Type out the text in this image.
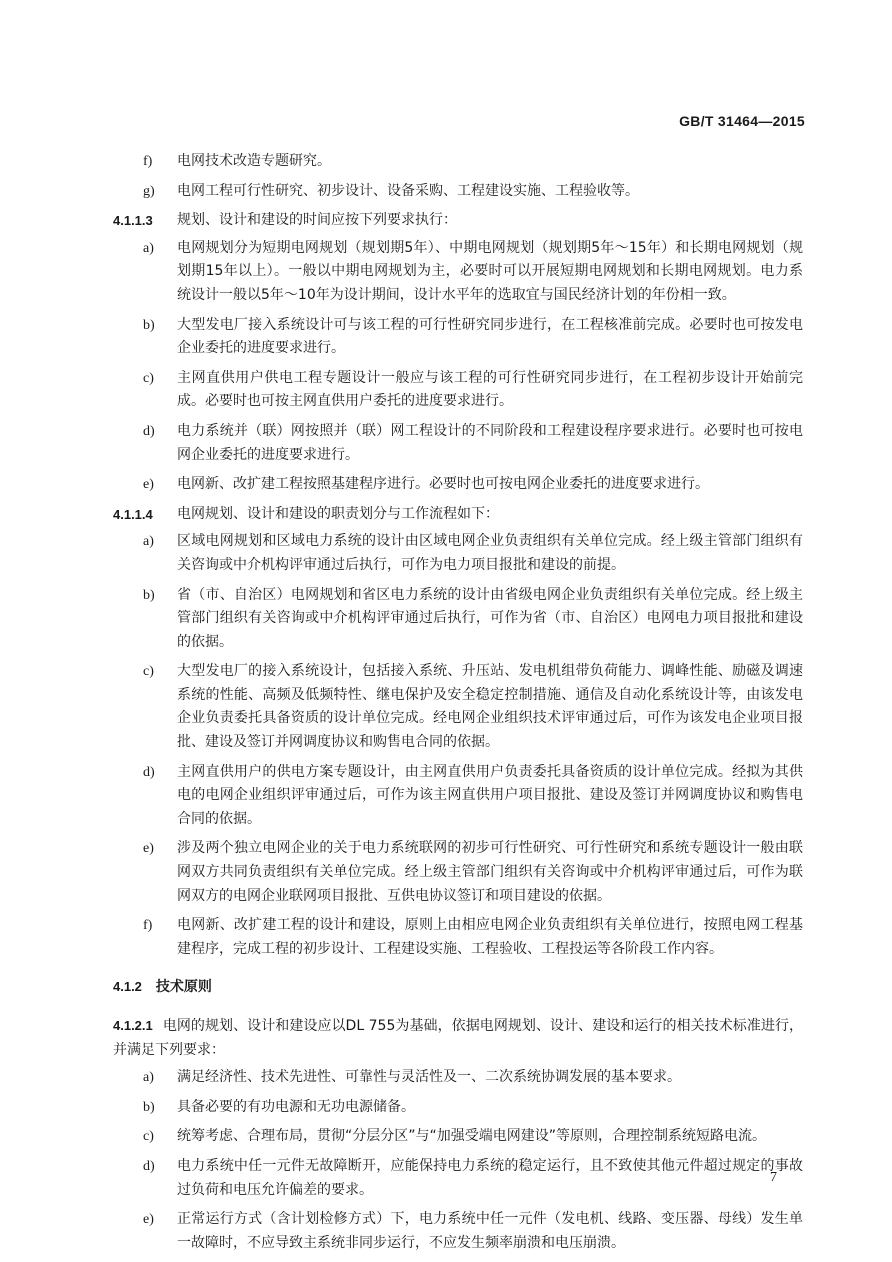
GB/T 31464—2015
f) 电网技术改造专题研究。
g) 电网工程可行性研究、初步设计、设备采购、工程建设实施、工程验收等。
4.1.1.3 规划、设计和建设的时间应按下列要求执行：
a) 电网规划分为短期电网规划（规划期5年）、中期电网规划（规划期5年～15年）和长期电网规划（规划期15年以上）。一般以中期电网规划为主，必要时可以开展短期电网规划和长期电网规划。电力系统设计一般以5年～10年为设计期间，设计水平年的选取宜与国民经济计划的年份相一致。
b) 大型发电厂接入系统设计可与该工程的可行性研究同步进行，在工程核准前完成。必要时也可按发电企业委托的进度要求进行。
c) 主网直供用户供电工程专题设计一般应与该工程的可行性研究同步进行，在工程初步设计开始前完成。必要时也可按主网直供用户委托的进度要求进行。
d) 电力系统并（联）网按照并（联）网工程设计的不同阶段和工程建设程序要求进行。必要时也可按电网企业委托的进度要求进行。
e) 电网新、改扩建工程按照基建程序进行。必要时也可按电网企业委托的进度要求进行。
4.1.1.4 电网规划、设计和建设的职责划分与工作流程如下：
a) 区域电网规划和区域电力系统的设计由区域电网企业负责组织有关单位完成。经上级主管部门组织有关咨询或中介机构评审通过后执行，可作为电力项目报批和建设的前提。
b) 省（市、自治区）电网规划和省区电力系统的设计由省级电网企业负责组织有关单位完成。经上级主管部门组织有关咨询或中介机构评审通过后执行，可作为省（市、自治区）电网电力项目报批和建设的依据。
c) 大型发电厂的接入系统设计，包括接入系统、升压站、发电机组带负荷能力、调峰性能、励磁及调速系统的性能、高频及低频特性、继电保护及安全稳定控制措施、通信及自动化系统设计等，由该发电企业负责委托具备资质的设计单位完成。经电网企业组织技术评审通过后，可作为该发电企业项目报批、建设及签订并网调度协议和购售电合同的依据。
d) 主网直供用户的供电方案专题设计，由主网直供用户负责委托具备资质的设计单位完成。经拟为其供电的电网企业组织评审通过后，可作为该主网直供用户项目报批、建设及签订并网调度协议和购售电合同的依据。
e) 涉及两个独立电网企业的关于电力系统联网的初步可行性研究、可行性研究和系统专题设计一般由联网双方共同负责组织有关单位完成。经上级主管部门组织有关咨询或中介机构评审通过后，可作为联网双方的电网企业联网项目报批、互供电协议签订和项目建设的依据。
f) 电网新、改扩建工程的设计和建设，原则上由相应电网企业负责组织有关单位进行，按照电网工程基建程序，完成工程的初步设计、工程建设实施、工程验收、工程投运等各阶段工作内容。
4.1.2 技术原则
4.1.2.1 电网的规划、设计和建设应以DL 755为基础，依据电网规划、设计、建设和运行的相关技术标准进行，并满足下列要求：
a) 满足经济性、技术先进性、可靠性与灵活性及一、二次系统协调发展的基本要求。
b) 具备必要的有功电源和无功电源储备。
c) 统筹考虑、合理布局，贯彻“分层分区”与“加强受端电网建设”等原则，合理控制系统短路电流。
d) 电力系统中任一元件无故障断开，应能保持电力系统的稳定运行，且不致使其他元件超过规定的事故过负荷和电压允许偏差的要求。
e) 正常运行方式（含计划检修方式）下，电力系统中任一元件（发电机、线路、变压器、母线）发生单一故障时，不应导致主系统非同步运行，不应发生频率崩溃和电压崩溃。
7
